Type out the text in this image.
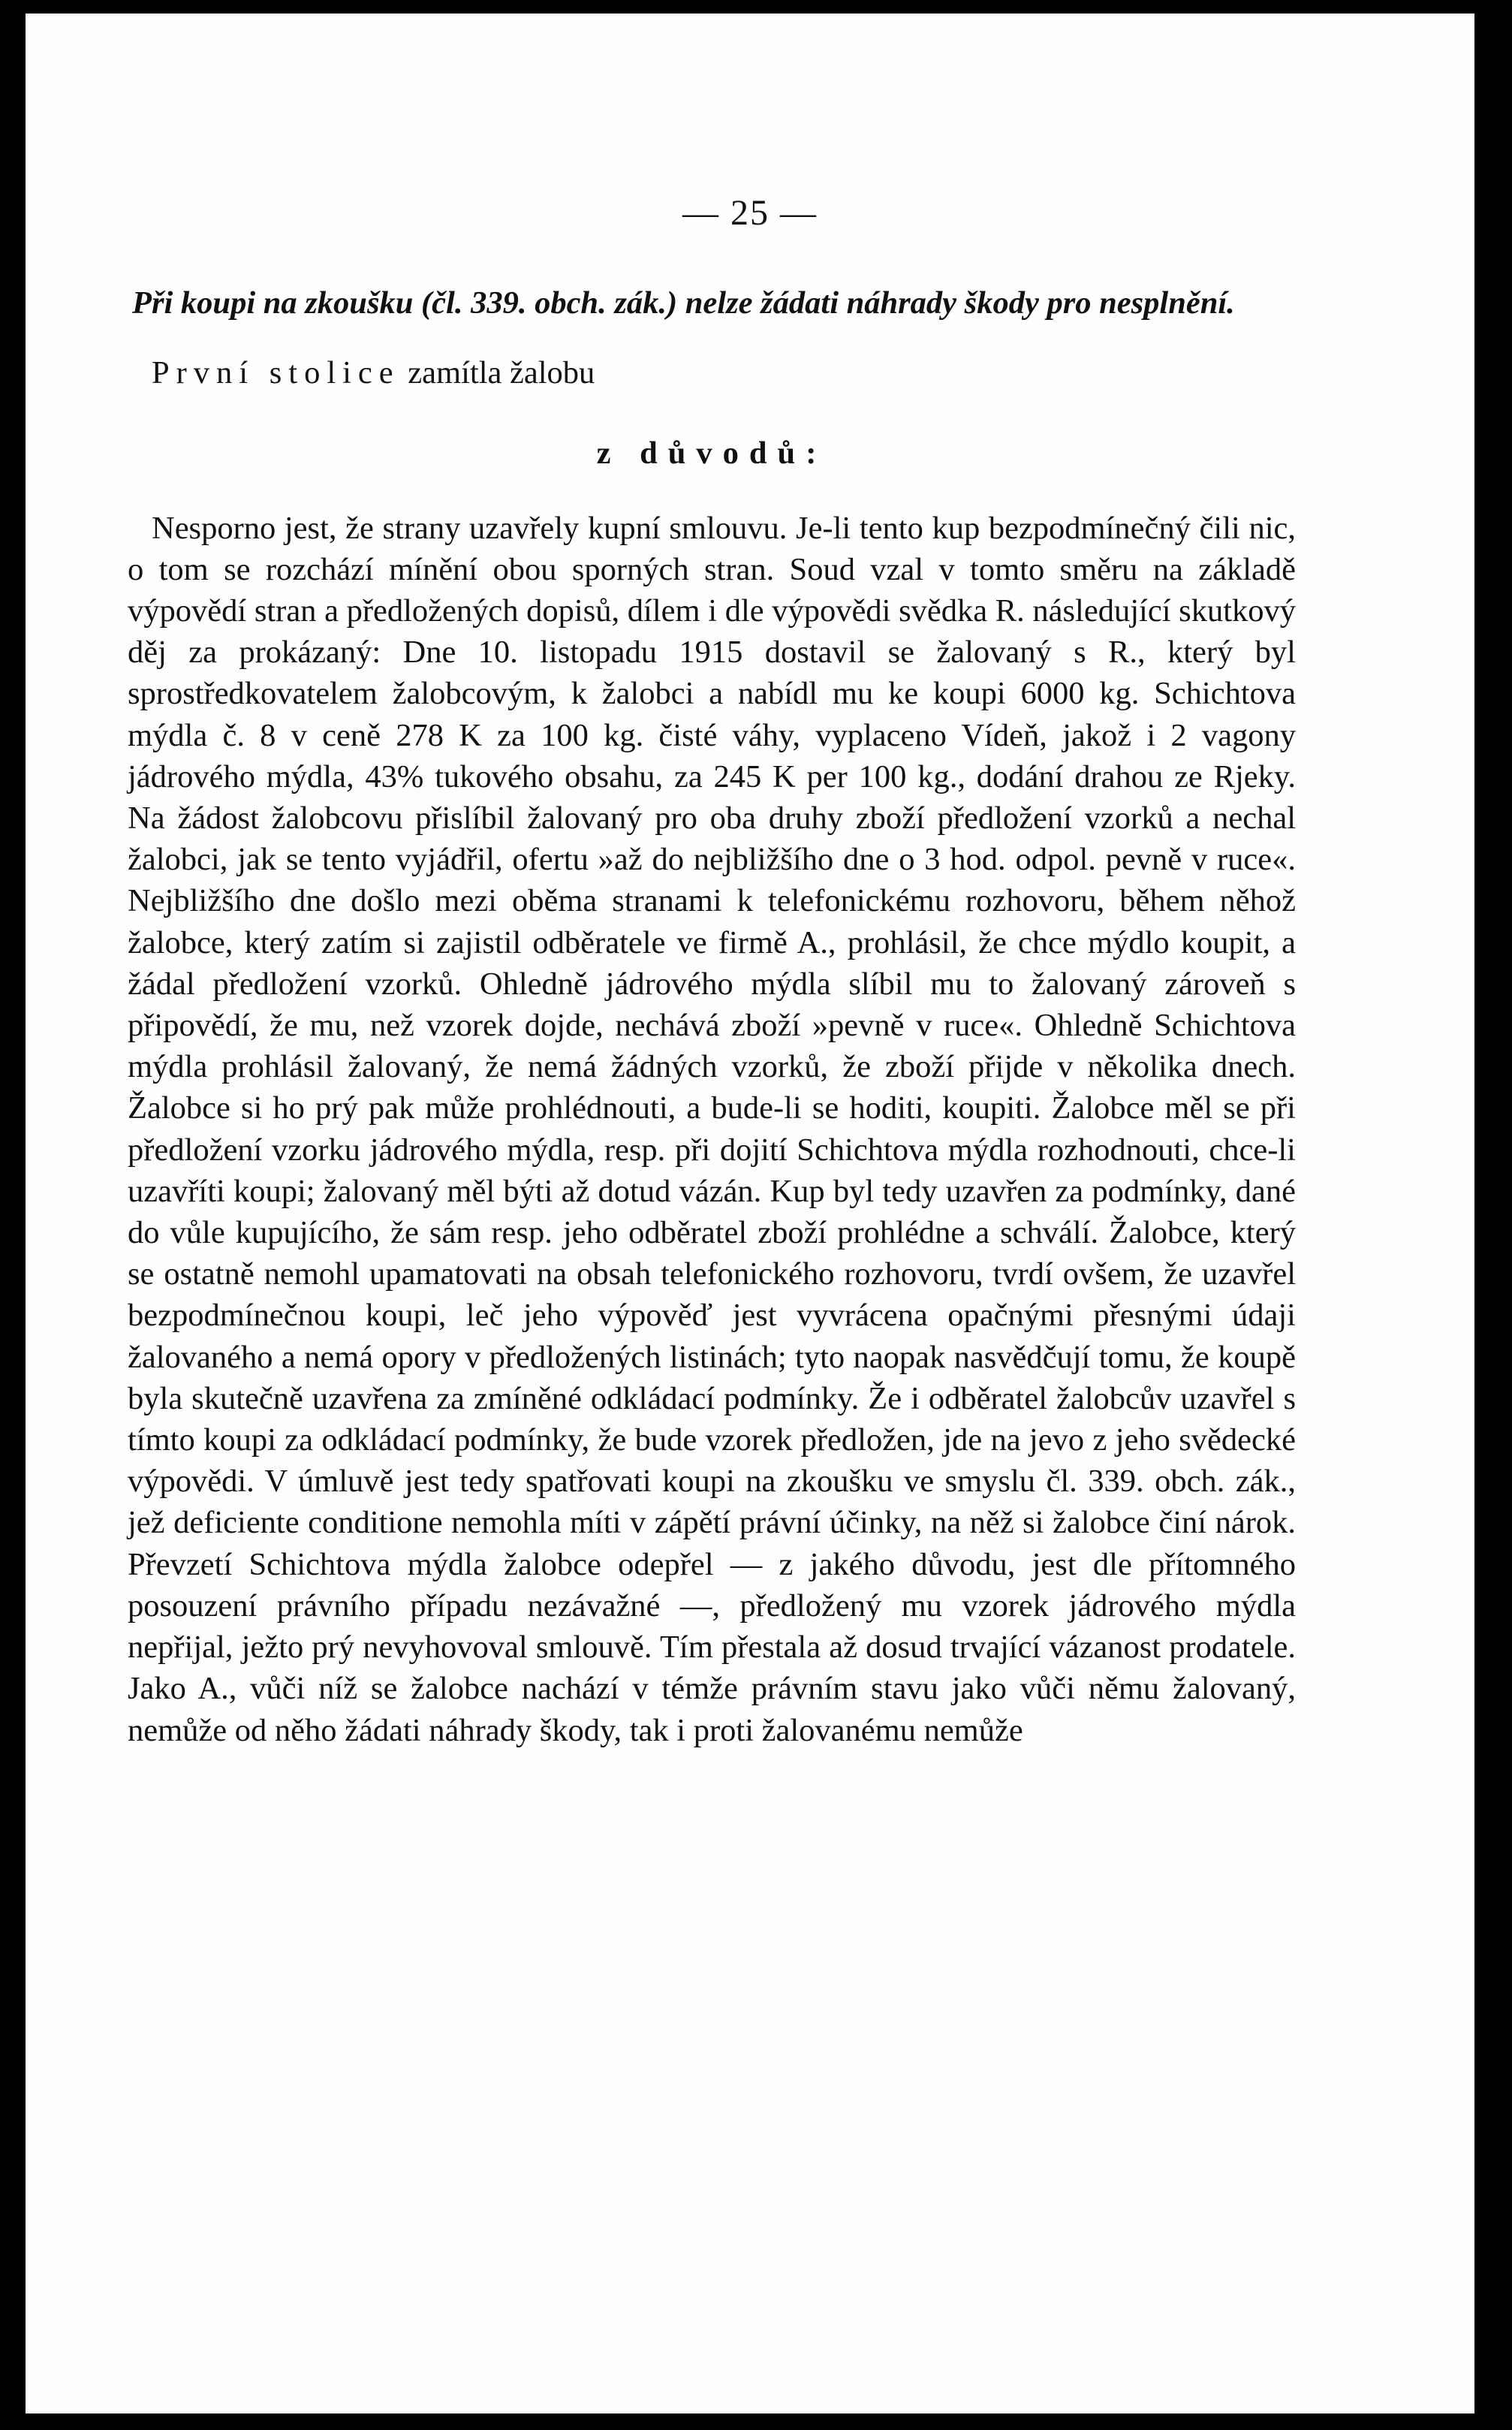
— 25 —

Při koupi na zkoušku (čl. 339. obch. zák.) nelze žádati náhrady škody pro nesplnění.

První stolice zamítla žalobu

z důvodů:

Nesporno jest, že strany uzavřely kupní smlouvu. Je-li tento kup bezpodmínečný čili nic, o tom se rozchází mínění obou sporných stran. Soud vzal v tomto směru na základě výpovědí stran a předložených dopisů, dílem i dle výpovědi svědka R. následující skutkový děj za prokázaný: Dne 10. listopadu 1915 dostavil se žalovaný s R., který byl sprostředkovatelem žalobcovým, k žalobci a nabídl mu ke koupi 6000 kg. Schichtova mýdla č. 8 v ceně 278 K za 100 kg. čisté váhy, vyplaceno Vídeň, jakož i 2 vagony jádrového mýdla, 43% tukového obsahu, za 245 K per 100 kg., dodání drahou ze Rjeky. Na žádost žalobcovu přislíbil žalovaný pro oba druhy zboží předložení vzorků a nechal žalobci, jak se tento vyjádřil, ofertu »až do nejbližšího dne o 3 hod. odpol. pevně v ruce«. Nejbližšího dne došlo mezi oběma stranami k telefonickému rozhovoru, během něhož žalobce, který zatím si zajistil odběratele ve firmě A., prohlásil, že chce mýdlo koupit, a žádal předložení vzorků. Ohledně jádrového mýdla slíbil mu to žalovaný zároveň s připovědí, že mu, než vzorek dojde, nechává zboží »pevně v ruce«. Ohledně Schichtova mýdla prohlásil žalovaný, že nemá žádných vzorků, že zboží přijde v několika dnech. Žalobce si ho prý pak může prohlédnouti, a bude-li se hoditi, koupiti. Žalobce měl se při předložení vzorku jádrového mýdla, resp. při dojití Schichtova mýdla rozhodnouti, chce-li uzavříti koupi; žalovaný měl býti až dotud vázán. Kup byl tedy uzavřen za podmínky, dané do vůle kupujícího, že sám resp. jeho odběratel zboží prohlédne a schválí. Žalobce, který se ostatně nemohl upamatovati na obsah telefonického rozhovoru, tvrdí ovšem, že uzavřel bezpodmínečnou koupi, leč jeho výpověď jest vyvrácena opačnými přesnými údaji žalovaného a nemá opory v předložených listinách; tyto naopak nasvědčují tomu, že koupě byla skutečně uzavřena za zmíněné odkládací podmínky. Že i odběratel žalobcův uzavřel s tímto koupi za odkládací podmínky, že bude vzorek předložen, jde na jevo z jeho svědecké výpovědi. V úmluvě jest tedy spatřovati koupi na zkoušku ve smyslu čl. 339. obch. zák., jež deficiente conditione nemohla míti v zápětí právní účinky, na něž si žalobce činí nárok. Převzetí Schichtova mýdla žalobce odepřel — z jakého důvodu, jest dle přítomného posouzení právního případu nezávažné —, předložený mu vzorek jádrového mýdla nepřijal, ježto prý nevyhovoval smlouvě. Tím přestala až dosud trvající vázanost prodatele. Jako A., vůči níž se žalobce nachází v témže právním stavu jako vůči němu žalovaný, nemůže od něho žádati náhrady škody, tak i proti žalovanému nemůže
